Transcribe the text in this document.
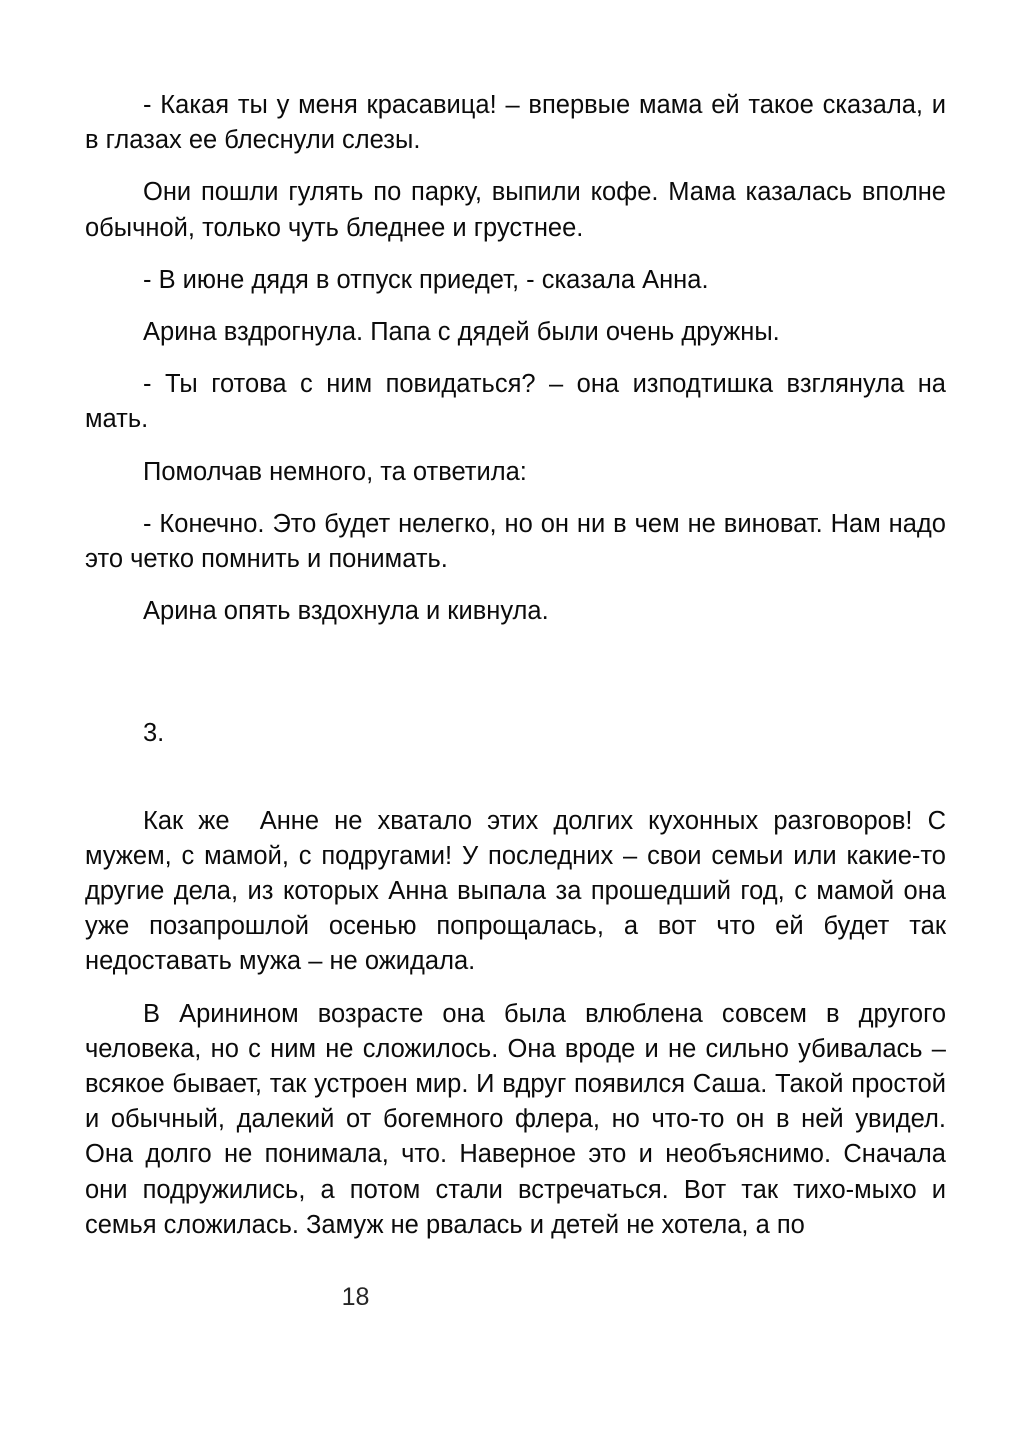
- Какая ты у меня красавица! – впервые мама ей такое сказала, и в глазах ее блеснули слезы.

Они пошли гулять по парку, выпили кофе. Мама казалась вполне обычной, только чуть бледнее и грустнее.

- В июне дядя в отпуск приедет, - сказала Анна.

Арина вздрогнула. Папа с дядей были очень дружны.

- Ты готова с ним повидаться? – она изподтишка взглянула на мать.

Помолчав немного, та ответила:

- Конечно. Это будет нелегко, но он ни в чем не виноват. Нам надо это четко помнить и понимать.

Арина опять вздохнула и кивнула.

3.

Как же  Анне не хватало этих долгих кухонных разговоров! С мужем, с мамой, с подругами! У последних – свои семьи или какие-то другие дела, из которых Анна выпала за прошедший год, с мамой она уже позапрошлой осенью попрощалась, а вот что ей будет так недоставать мужа – не ожидала.

В Аринином возрасте она была влюблена совсем в другого человека, но с ним не сложилось. Она вроде и не сильно убивалась – всякое бывает, так устроен мир. И вдруг появился Саша. Такой простой и обычный, далекий от богемного флера, но что-то он в ней увидел. Она долго не понимала, что. Наверное это и необъяснимо. Сначала они подружились, а потом стали встречаться. Вот так тихо-мыхо и семья сложилась. Замуж не рвалась и детей не хотела, а по

18
